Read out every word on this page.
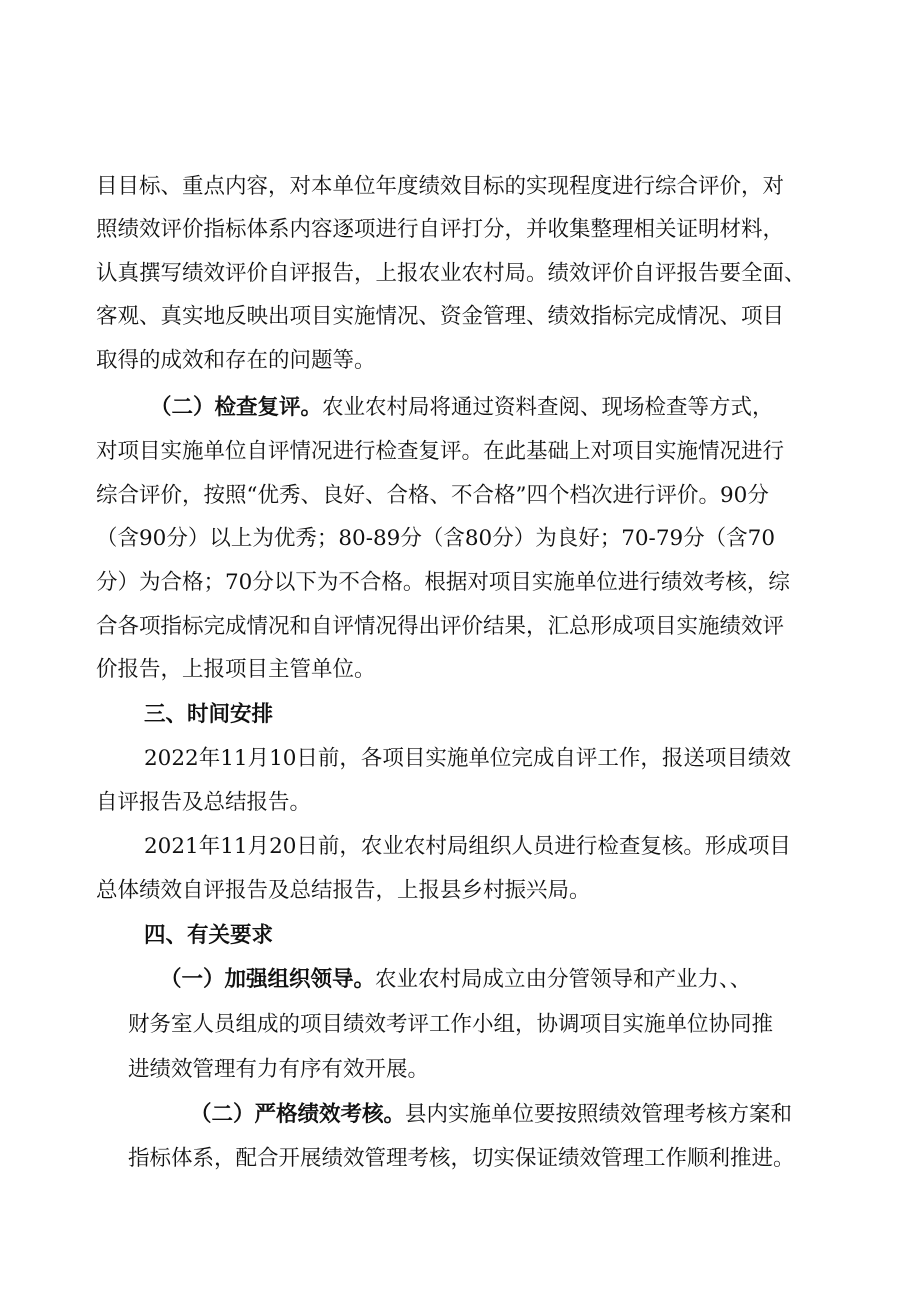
目目标、重点内容，对本单位年度绩效目标的实现程度进行综合评价，对
照绩效评价指标体系内容逐项进行自评打分，并收集整理相关证明材料，
认真撰写绩效评价自评报告，上报农业农村局。绩效评价自评报告要全面、
客观、真实地反映出项目实施情况、资金管理、绩效指标完成情况、项目
取得的成效和存在的问题等。
（二）检查复评。农业农村局将通过资料查阅、现场检查等方式，
对项目实施单位自评情况进行检查复评。在此基础上对项目实施情况进行
综合评价，按照“优秀、良好、合格、不合格”四个档次进行评价。90分
（含90分）以上为优秀；80-89分（含80分）为良好；70-79分（含70
分）为合格；70分以下为不合格。根据对项目实施单位进行绩效考核，综
合各项指标完成情况和自评情况得出评价结果，汇总形成项目实施绩效评
价报告，上报项目主管单位。
三、时间安排
2022年11月10日前，各项目实施单位完成自评工作，报送项目绩效
自评报告及总结报告。
2021年11月20日前，农业农村局组织人员进行检查复核。形成项目
总体绩效自评报告及总结报告，上报县乡村振兴局。
四、有关要求
（一）加强组织领导。农业农村局成立由分管领导和产业力、、
财务室人员组成的项目绩效考评工作小组，协调项目实施单位协同推
进绩效管理有力有序有效开展。
（二）严格绩效考核。县内实施单位要按照绩效管理考核方案和
指标体系，配合开展绩效管理考核，切实保证绩效管理工作顺利推进。
